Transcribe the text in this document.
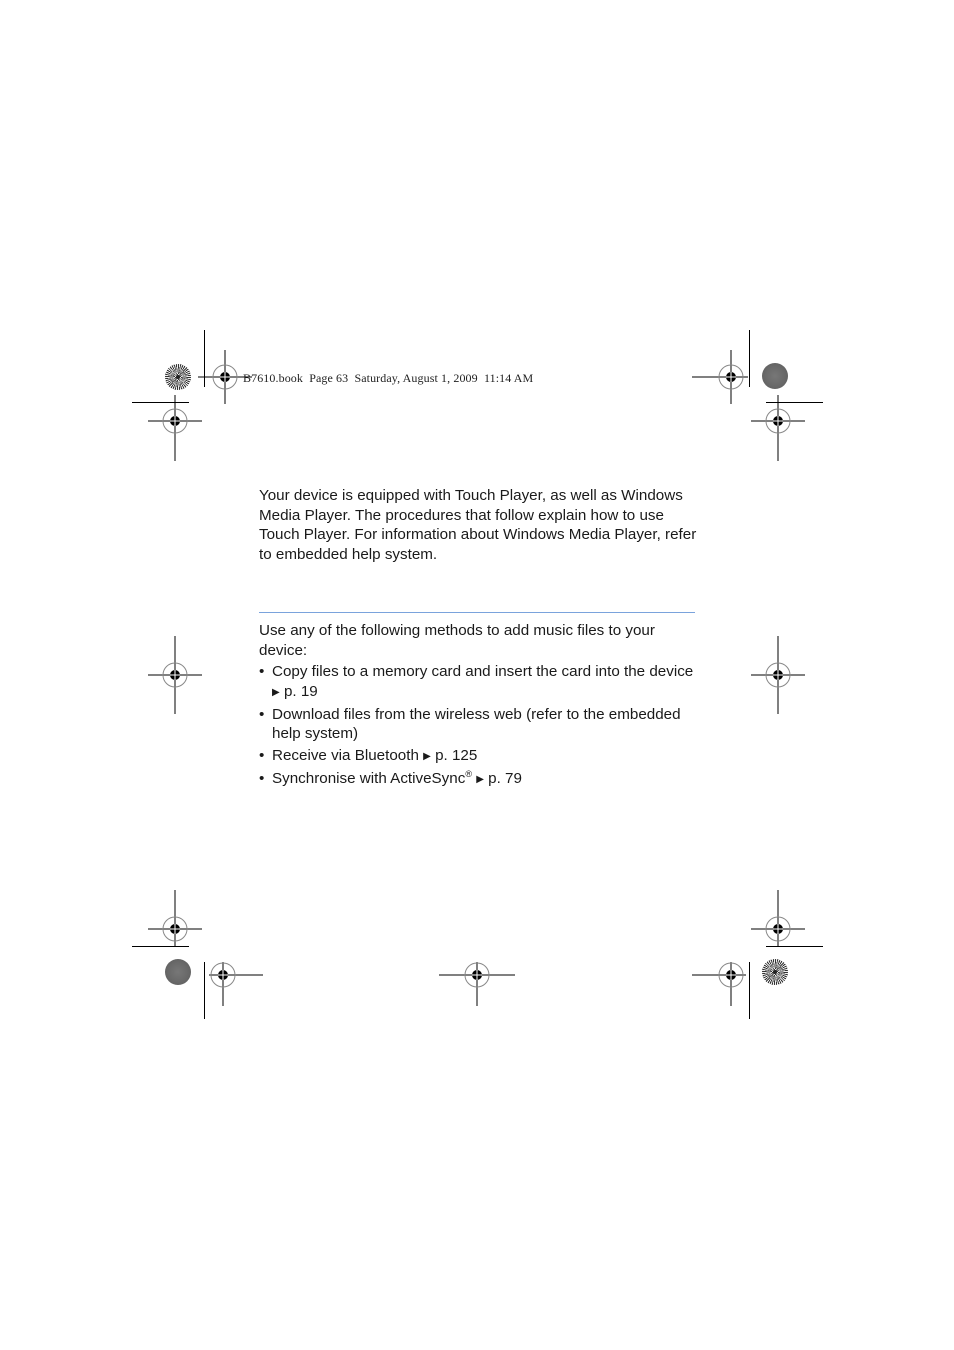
B7610.book Page 63 Saturday, August 1, 2009 11:14 AM

Your device is equipped with Touch Player, as well as Windows Media Player. The procedures that follow explain how to use Touch Player. For information about Windows Media Player, refer to embedded help system.

Use any of the following methods to add music files to your device:

• Copy files to a memory card and insert the card into the device ▶ p. 19
• Download files from the wireless web (refer to the embedded help system)
• Receive via Bluetooth ▶ p. 125
• Synchronise with ActiveSync® ▶ p. 79
